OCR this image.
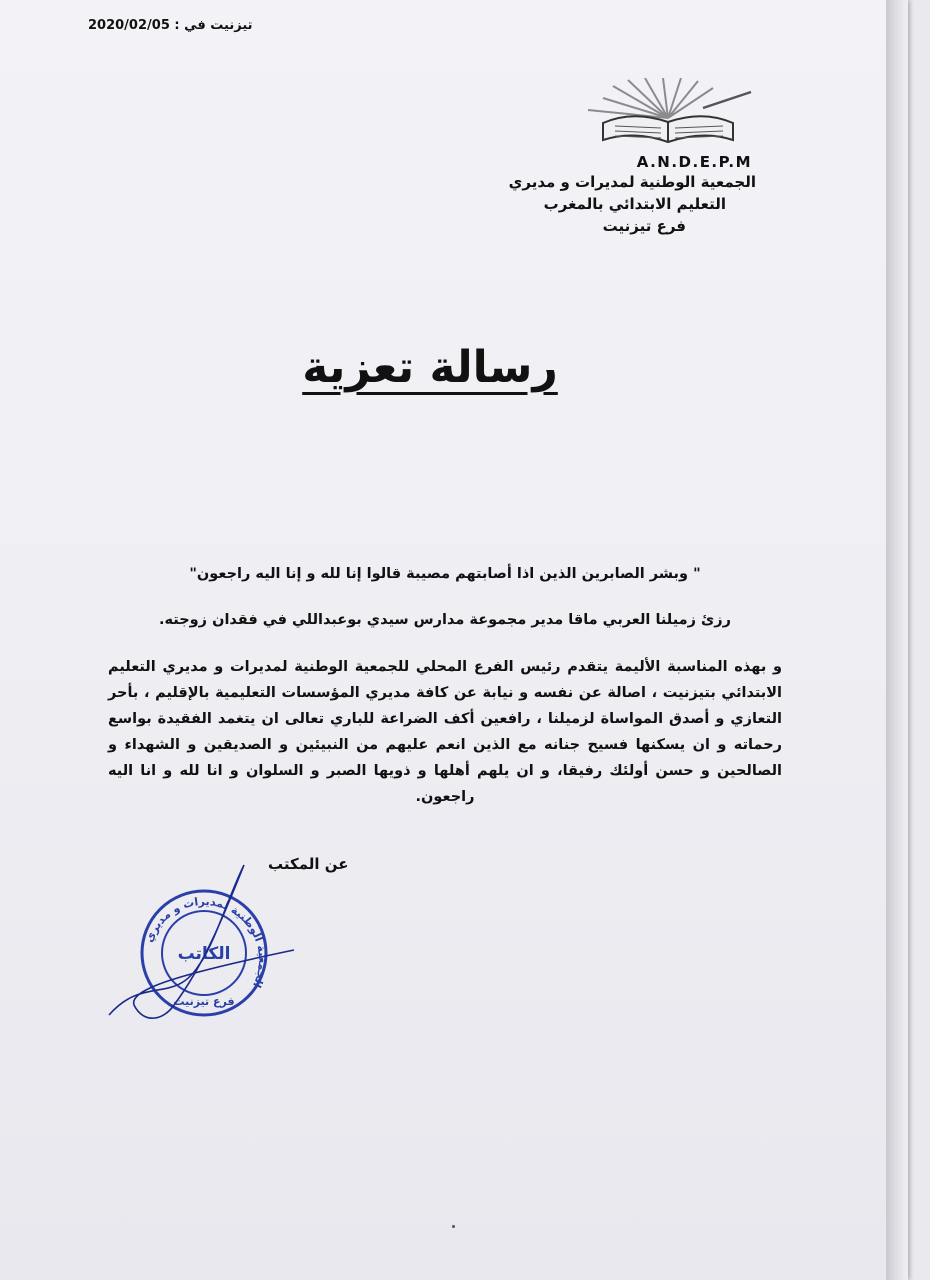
تيزنيت في : 2020/02/05
A.N.D.E.P.M
الجمعية الوطنية لمديرات و مديري
التعليم الابتدائي بالمغرب
فرع تيزنيت
رسالة تعزية

" وبشر الصابرين الذين اذا أصابتهم مصيبة قالوا إنا لله و إنا اليه راجعون"

رزئ زميلنا العربي ماقا مدير مجموعة مدارس سيدي بوعبداللي في فقدان زوجته.

و بهذه المناسبة الأليمة يتقدم رئيس الفرع المحلي للجمعية الوطنية لمديرات و مديري التعليم الابتدائي بتيزنيت ، اصالة عن نفسه و نيابة عن كافة مديري المؤسسات التعليمية بالإقليم ، بأحر التعازي و أصدق المواساة لزميلنا ، رافعين أكف الضراعة للباري تعالى ان يتغمد الفقيدة بواسع رحماته و ان يسكنها فسيح جنانه مع الذين انعم عليهم من النبيئين و الصديقين و الشهداء و الصالحين و حسن أولئك رفيقا، و ان يلهم أهلها و ذويها الصبر و السلوان و انا لله و انا اليه راجعون.

عن المكتب
الجمعية الوطنية لمديرات و مديري
الكاتب
فرع تيزنيت
